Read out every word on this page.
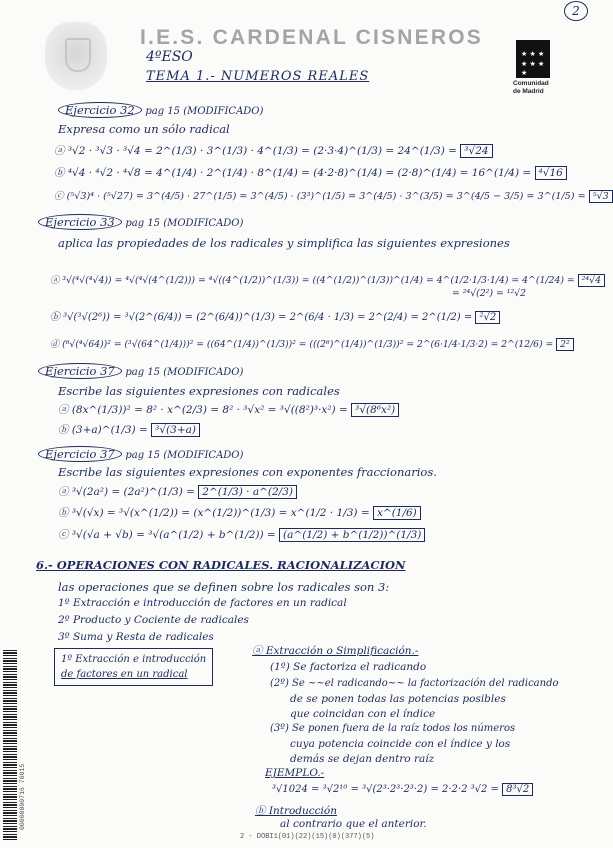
I.E.S. CARDENAL CISNEROS
4ºESO
TEMA 1.- NUMEROS REALES
2
★ ★ ★
★ ★ ★
★
Comunidad
de Madrid
Ejercicio 32 pag 15 (MODIFICADO)
Expresa como un sólo radical
ⓐ ³√2 · ³√3 · ³√4 = 2^(1/3) · 3^(1/3) · 4^(1/3) = (2·3·4)^(1/3) = 24^(1/3) = ³√24
ⓑ ⁴√4 · ⁴√2 · ⁴√8 = 4^(1/4) · 2^(1/4) · 8^(1/4) = (4·2·8)^(1/4) = (2·8)^(1/4) = 16^(1/4) = ⁴√16
ⓒ (⁵√3)⁴ · (⁵√27) = 3^(4/5) · 27^(1/5) = 3^(4/5) · (3³)^(1/5) = 3^(4/5) · 3^(3/5) = 3^(4/5 − 3/5) = 3^(1/5) = ⁵√3
Ejercicio 33 pag 15 (MODIFICADO)
aplica las propiedades de los radicales y simplifica las siguientes expresiones
ⓐ ³√(⁴√(⁴√4)) = ⁴√(⁴√(4^(1/2))) = ⁴√((4^(1/2))^(1/3)) = ((4^(1/2))^(1/3))^(1/4) = 4^(1/2·1/3·1/4) = 4^(1/24) = ²⁴√4
= ²⁴√(2²) = ¹²√2
ⓑ ³√(³√(2⁶)) = ³√(2^(6/4)) = (2^(6/4))^(1/3) = 2^(6/4 · 1/3) = 2^(2/4) = 2^(1/2) = ²√2
ⓓ (⁶√(⁴√64))² = (³√(64^(1/4)))² = ((64^(1/4))^(1/3))² = (((2⁶)^(1/4))^(1/3))² = 2^(6·1/4·1/3·2) = 2^(12/6) = 2²
Ejercicio 37 pag 15 (MODIFICADO)
Escribe las siguientes expresiones con radicales
ⓐ (8x^(1/3))² = 8² · x^(2/3) = 8² · ³√x² = ³√((8²)³·x²) = ³√(8⁶x²)
ⓑ (3+a)^(1/3) = ³√(3+a)
Ejercicio 37 pag 15 (MODIFICADO)
Escribe las siguientes expresiones con exponentes fraccionarios.
ⓐ ³√(2a²) = (2a²)^(1/3) = 2^(1/3) · a^(2/3)
ⓑ ³√(√x) = ³√(x^(1/2)) = (x^(1/2))^(1/3) = x^(1/2 · 1/3) = x^(1/6)
ⓒ ³√(√a + √b) = ³√(a^(1/2) + b^(1/2)) = (a^(1/2) + b^(1/2))^(1/3)
6.- OPERACIONES CON RADICALES. RACIONALIZACION
las operaciones que se definen sobre los radicales son 3:
1º Extracción e introducción de factores en un radical
2º Producto y Cociente de radicales
3º Suma y Resta de radicales
1º Extracción e introducción
de factores en un radical
ⓐ Extracción o Simplificación.-
(1º) Se factoriza el radicando
(2º) Se ~~el radicando~~ la factorización del radicando
de se ponen todas las potencias posibles
que coincidan con el índice
(3º) Se ponen fuera de la raíz todos los números
cuya potencia coincide con el índice y los
demás se dejan dentro raíz
EJEMPLO.-
³√1024 = ³√2¹⁰ = ³√(2³·2³·2³·2) = 2·2·2 ³√2 = 8³√2
ⓑ Introducción
al contrario que el anterior.
00000000716 70815
2 - DOBI1(01)(22)(15)(0)(377)(5)
